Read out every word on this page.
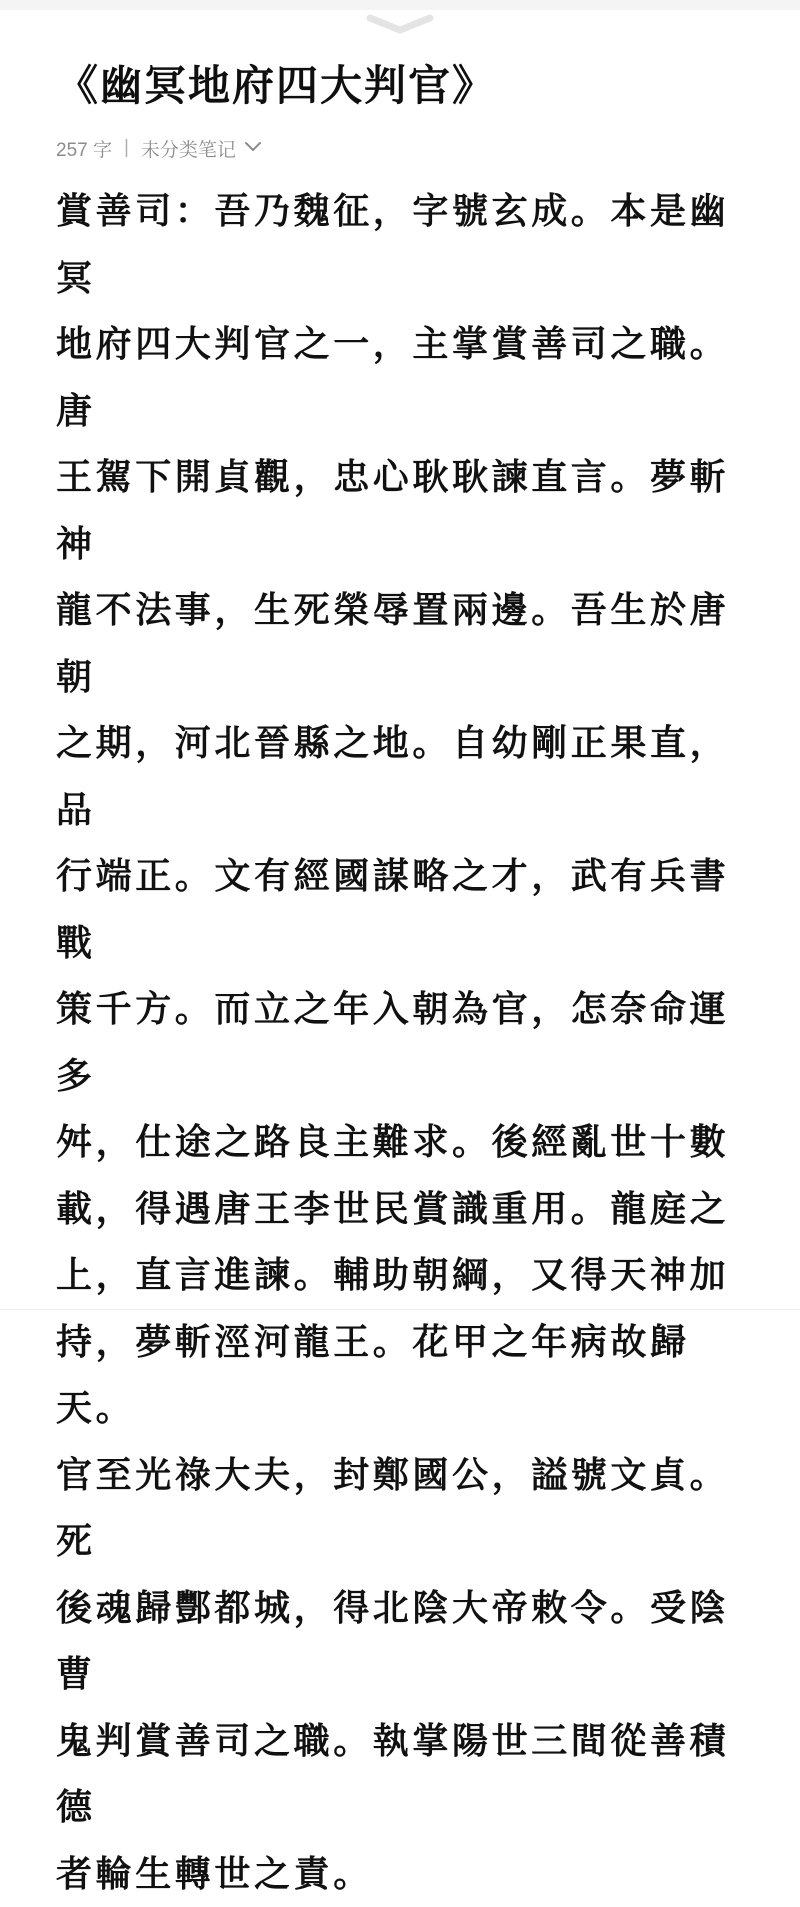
《幽冥地府四大判官》
257 字 | 未分类笔记
賞善司：吾乃魏征，字號玄成。本是幽冥
地府四大判官之一，主掌賞善司之職。唐
王駕下開貞觀，忠心耿耿諫直言。夢斬神
龍不法事，生死榮辱置兩邊。吾生於唐朝
之期，河北晉縣之地。自幼剛正果直，品
行端正。文有經國謀略之才，武有兵書戰
策千方。而立之年入朝為官，怎奈命運多
舛，仕途之路良主難求。後經亂世十數
載，得遇唐王李世民賞識重用。龍庭之
上，直言進諫。輔助朝綱，又得天神加
持，夢斬涇河龍王。花甲之年病故歸天。
官至光祿大夫，封鄭國公，謚號文貞。死
後魂歸酆都城，得北陰大帝敕令。受陰曹
鬼判賞善司之職。執掌陽世三間從善積德
者輪生轉世之責。
